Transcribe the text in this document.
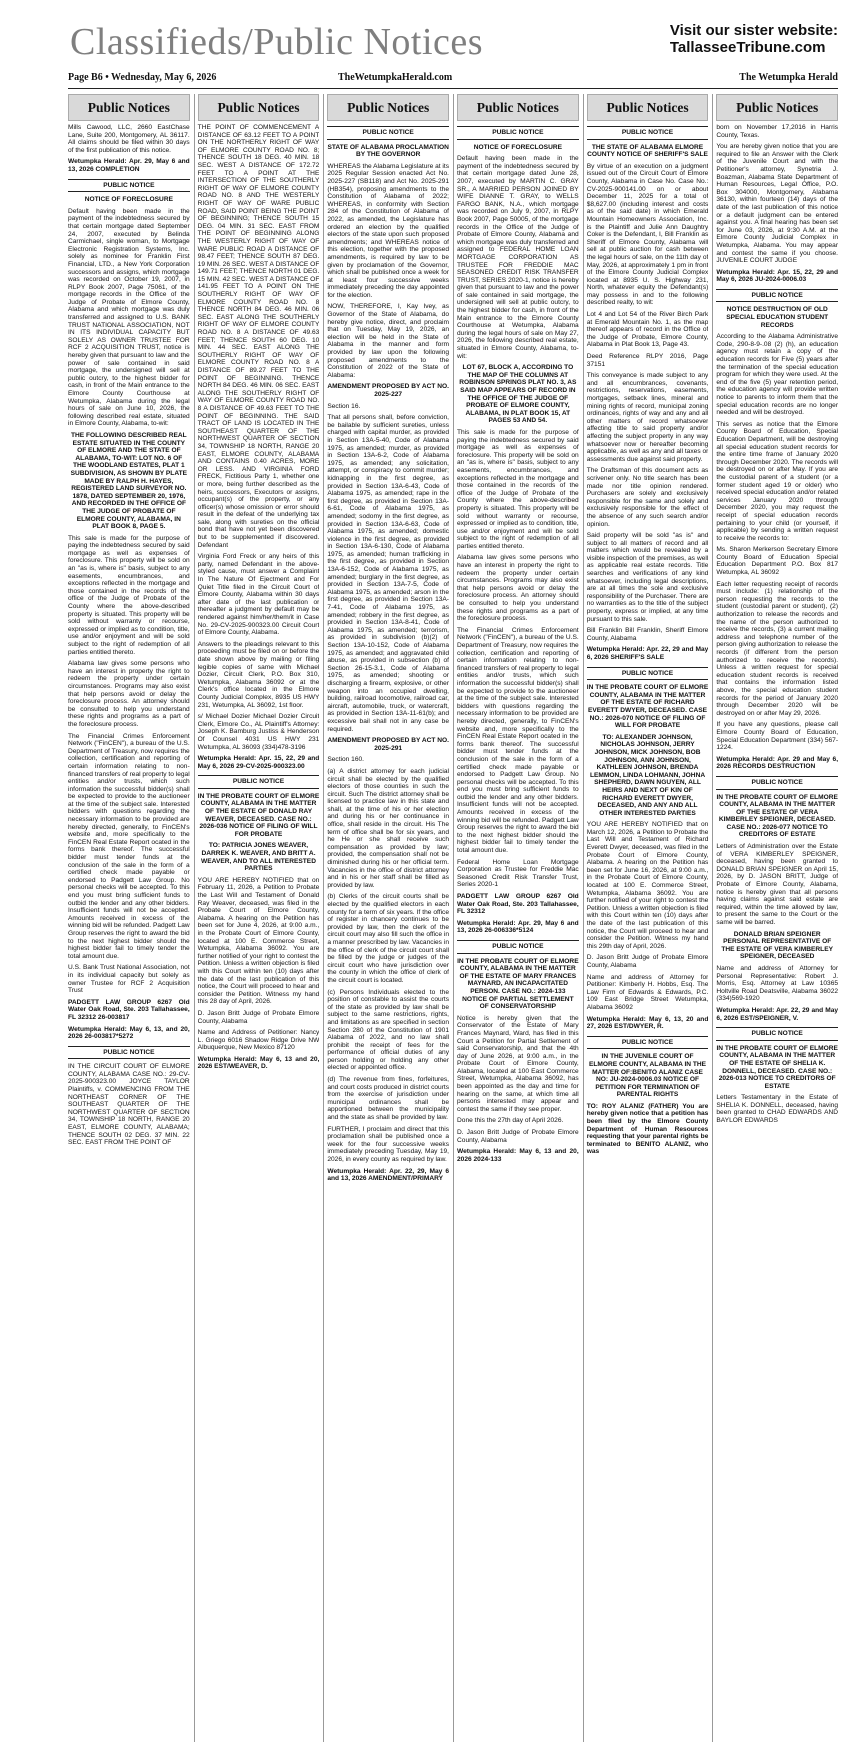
Classifieds/Public Notices	Visit our sister website:
TallasseeTribune.com
Page B6 • Wednesday, May 6, 2026	TheWetumpkaHerald.com	The Wetumpka Herald
Public Notices

Mills Cawood, LLC, 2660 EastChase Lane, Suite 200, Montgomery, AL 36117. All claims should be filed within 30 days of the first publication of this notice.

Wetumpka Herald: Apr. 29, May 6 and 13, 2026 COMPLETION

PUBLIC NOTICE

NOTICE OF FORECLOSURE

Default having been made in the payment of the indebtedness secured by that certain mortgage dated September 24, 2007, executed by Belinda Carmichael, single woman, to Mortgage Electronic Registration Systems, Inc. solely as nominee for Franklin First Financial, LTD., a New York Corporation successors and assigns, which mortgage was recorded on October 19, 2007, in RLPY Book 2007, Page 75061, of the mortgage records in the Office of the Judge of Probate of Elmore County, Alabama and which mortgage was duly transferred and assigned to U.S. BANK TRUST NATIONAL ASSOCIATION, NOT IN ITS INDIVIDUAL CAPACITY BUT SOLELY AS OWNER TRUSTEE FOR RCF 2 ACQUISITION TRUST, notice is hereby given that pursuant to law and the power of sale contained in said mortgage, the undersigned will sell at public outcry, to the highest bidder for cash, in front of the Main entrance to the Elmore County Courthouse at Wetumpka, Alabama during the legal hours of sale on June 10, 2026, the following described real estate, situated in Elmore County, Alabama, to-wit:

THE FOLLOWING DESCRIBED REAL ESTATE SITUATED IN THE COUNTY OF ELMORE AND THE STATE OF ALABAMA, TO-WIT: LOT NO. 6 OF THE WOODLAND ESTATES, PLAT 1 SUBDIVISION, AS SHOWN BY PLATE MADE BY RALPH H. HAYES, REGISTERED LAND SURVEYOR NO. 1878, DATED SEPTEMBER 20, 1976, AND RECORDED IN THE OFFICE OF THE JUDGE OF PROBATE OF ELMORE COUNTY, ALABAMA, IN PLAT BOOK 8, PAGE 5.

This sale is made for the purpose of paying the indebtedness secured by said mortgage as well as expenses of foreclosure. This property will be sold on an "as is, where is" basis, subject to any easements, encumbrances, and exceptions reflected in the mortgage and those contained in the records of the office of the Judge of Probate of the County where the above-described property is situated. This property will be sold without warranty or recourse, expressed or implied as to condition, title, use and/or enjoyment and will be sold subject to the right of redemption of all parties entitled thereto.

Alabama law gives some persons who have an interest in property the right to redeem the property under certain circumstances. Programs may also exist that help persons avoid or delay the foreclosure process. An attorney should be consulted to help you understand these rights and programs as a part of the foreclosure process.

The Financial Crimes Enforcement Network ("FinCEN"), a bureau of the U.S. Department of Treasury, now requires the collection, certification and reporting of certain information relating to non-financed transfers of real property to legal entities and/or trusts, which such information the successful bidder(s) shall be expected to provide to the auctioneer at the time of the subject sale. Interested bidders with questions regarding the necessary information to be provided are hereby directed, generally, to FinCEN's website and, more specifically to the FinCEN Real Estate Report ocated in the forms bank thereof. The successful bidder must tender funds at the conclusion of the sale in the form of a certified check made payable or endorsed to Padgett Law Group. No personal checks will be accepted. To this end you must bring sufficient funds to outbid the lender and any other bidders. Insufficient funds will not be accepted. Amounts received in excess of the winning bid will be refunded. Padgett Law Group reserves the right to award the bid to the next highest bidder should the highest bidder fail to timely tender the total amount due.

U.S. Bank Trust National Association, not in its individual capacity but solely as owner Trustee for RCF 2 Acquisition Trust

PADGETT LAW GROUP 6267 Old Water Oak Road, Ste. 203 Tallahassee, FL 32312 26-003817

Wetumpka Herald: May 6, 13, and 20, 2026 26-003817*5272

PUBLIC NOTICE

IN THE CIRCUIT COURT OF ELMORE COUNTY, ALABAMA CASE NO.: 29-CV-2025-900323.00 JOYCE TAYLOR Plaintiffs, v. COMMENCING FROM THE NORTHEAST CORNER OF THE SOUTHEAST QUARTER OF THE NORTHWEST QUARTER OF SECTION 34, TOWNSHIP 18 NORTH, RANGE 20 EAST, ELMORE COUNTY, ALABAMA; THENCE SOUTH 02 DEG. 37 MIN. 22 SEC. EAST FROM THE POINT OF

Public Notices

THE POINT OF COMMENCEMENT A DISTANCE OF 63.12 FEET TO A POINT ON THE NORTHERLY RIGHT OF WAY OF ELMORE COUNTY ROAD NO. 8; THENCE SOUTH 18 DEG. 40 MIN. 18 SEC. WEST A DISTANCE OF 172.72 FEET TO A POINT AT THE INTERSECTION OF THE SOUTHERLY RIGHT OF WAY OF ELMORE COUNTY ROAD NO. 8 AND THE WESTERLY RIGHT OF WAY OF WARE PUBLIC ROAD, SAID POINT BEING THE POINT OF BEGINNING; THENCE SOUTH 15 DEG. 04 MIN. 31 SEC. EAST FROM THE POINT OF BEGINNING ALONG THE WESTERLY RIGHT OF WAY OF WARE PUBLIC ROAD A DISTANCE OF 98.47 FEET; THENCE SOUTH 87 DEG. 19 MIN. 26 SEC. WEST A DISTANCE OF 149.71 FEET; THENCE NORTH 01 DEG. 15 MIN. 42 SEC. WEST A DISTANCE OF 141.95 FEET TO A POINT ON THE SOUTHERLY RIGHT OF WAY OF ELMORE COUNTY ROAD NO. 8 THENCE NORTH 84 DEG. 46 MIN. 06 SEC. EAST ALONG THE SOUTHERLY RIGHT OF WAY OF ELMORE COUNTY ROAD NO. 8 A DISTANCE OF 49.63 FEET; THENCE SOUTH 60 DEG. 10 MIN. 44 SEC. EAST ALONG THE SOUTHERLY RIGHT OF WAY OF ELMORE COUNTY ROAD NO. 8 A DISTANCE OF 89.27 FEET TO THE POINT OF BEGINNING. THENCE NORTH 84 DEG. 46 MIN. 06 SEC. EAST ALONG THE SOUTHERLY RIGHT OF WAY OF ELMORE COUNTY ROAD NO. 8 A DISTANCE OF 49.63 FEET TO THE POINT OF BEGINNING. THE SAID TRACT OF LAND IS LOCATED IN THE SOUTHEAST QUARTER OF THE NORTHWEST QUARTER OF SECTION 34, TOWNSHIP 18 NORTH, RANGE 20 EAST, ELMORE COUNTY, ALABAMA AND CONTAINS 0.40 ACRES, MORE OR LESS. AND VIRGINIA FORD FRECK, Fictitious Party 1, whether one or more, being further described as the heirs, successors, Executors or assigns, occupant(s) of the property, or any officer(s) whose omission or error should result in the defeat of the underlying tax sale, along with sureties on the official bond that have not yet been discovered but to be supplemented if discovered. Defendant

Virginia Ford Freck or any heirs of this party, named Defendant in the above-styled cause, must answer a Complaint In The Nature Of Ejectment and For Quiet Title filed in the Circuit Court of Elmore County, Alabama within 30 days after date of the last publication or thereafter a judgment by default may be rendered against him/her/them/it in Case No. 29-CV-2025-900323.00 Circuit Court of Elmore County, Alabama.

Answers to the pleadings relevant to this proceeding must be filed on or before the date shown above by mailing or filing legible copies of same with Michael Dozier, Circuit Clerk, P.O. Box 310, Wetumpka, Alabama 36092 or at the Clerk's office located in the Elmore County Judicial Complex, 8935 US HWY 231, Wetumpka, AL 36092, 1st floor.

s/ Michael Dozier Michael Dozier Circuit Clerk, Elmore Co., AL Plaintiff's Attorney: Joseph K. Bamburg Justiss & Henderson Of Counsel 4031 US HWY 231 Wetumpka, AL 36093 (334)478-3196

Wetumpka Herald: Apr. 15, 22, 29 and May 6, 2026 29-CV-2025-900323.00

PUBLIC NOTICE

IN THE PROBATE COURT OF ELMORE COUNTY, ALABAMA IN THE MATTER OF THE ESTATE OF DONALD RAY WEAVER, DECEASED. CASE NO.: 2026-036 NOTICE OF FILING OF WILL FOR PROBATE

TO: PATRICIA JONES WEAVER, DARREK K. WEAVER, AND BRITT A. WEAVER, AND TO ALL INTERESTED PARTIES

YOU ARE HEREBY NOTIFIED that on February 11, 2026, a Petition to Probate the Last Will and Testament of Donald Ray Weaver, deceased, was filed in the Probate Court of Elmore County, Alabama. A hearing on the Petition has been set for June 4, 2026, at 9:00 a.m., in the Probate Court of Elmore County, located at 100 E. Commerce Street, Wetumpka, Alabama 36092. You are further notified of your right to contest the Petition. Unless a written objection is filed with this Court within ten (10) days after the date of the last publication of this notice, the Court will proceed to hear and consider the Petition. Witness my hand this 28 day of April, 2026.

D. Jason Britt Judge of Probate Elmore County, Alabama

Name and Address of Petitioner: Nancy L. Griego 6016 Shadow Ridge Drive NW Albuquerque, New Mexico 87120

Wetumpka Herald: May 6, 13 and 20, 2026 EST/WEAVER, D.

Public Notices

PUBLIC NOTICE

STATE OF ALABAMA PROCLAMATION BY THE GOVERNOR

WHEREAS the Alabama Legislature at its 2025 Regular Session enacted Act No. 2025-227 (SB118) and Act No. 2025-291 (HB354), proposing amendments to the Constitution of Alabama of 2022; WHEREAS, in conformity with Section 284 of the Constitution of Alabama of 2022, as amended, the Legislature has ordered an election by the qualified electors of the state upon such proposed amendments; and WHEREAS notice of this election, together with the proposed amendments, is required by law to be given by proclamation of the Governor, which shall be published once a week for at least four successive weeks immediately preceding the day appointed for the election.

NOW, THEREFORE, I, Kay Ivey, as Governor of the State of Alabama, do hereby give notice, direct, and proclaim that on Tuesday, May 19, 2026, an election will be held in the State of Alabama in the manner and form provided by law upon the following proposed amendments to the Constitution of 2022 of the State of Alabama:

AMENDMENT PROPOSED BY ACT NO. 2025-227

Section 16.

That all persons shall, before conviction, be bailable by sufficient sureties, unless charged with capital murder, as provided in Section 13A-5-40, Code of Alabama 1975, as amended; murder, as provided in Section 13A-6-2, Code of Alabama 1975, as amended; any solicitation, attempt, or conspiracy to commit murder; kidnapping in the first degree, as provided in Section 13A-6-43, Code of Alabama 1975, as amended; rape in the first degree, as provided in Section 13A-6-61, Code of Alabama 1975, as amended; sodomy in the first degree, as provided in Section 13A-6-63, Code of Alabama 1975, as amended; domestic violence in the first degree, as provided in Section 13A-6-130, Code of Alabama 1975, as amended; human trafficking in the first degree, as provided in Section 13A-6-152, Code of Alabama 1975, as amended; burglary in the first degree, as provided in Section 13A-7-5, Code of Alabama 1975, as amended; arson in the first degree, as provided in Section 13A-7-41, Code of Alabama 1975, as amended; robbery in the first degree, as provided in Section 13A-8-41, Code of Alabama 1975, as amended; terrorism, as provided in subdivision (b)(2) of Section 13A-10-152, Code of Alabama 1975, as amended; and aggravated child abuse, as provided in subsection (b) of Section 26-15-3.1, Code of Alabama 1975, as amended; shooting or discharging a firearm, explosive, or other weapon into an occupied dwelling, building, railroad locomotive, railroad car, aircraft, automobile, truck, or watercraft, as provided in Section 13A-11-61(b); and excessive bail shall not in any case be required.

AMENDMENT PROPOSED BY ACT NO. 2025-291

Section 160.

(a) A district attorney for each judicial circuit shall be elected by the qualified electors of those counties in such the circuit. Such The district attorney shall be licensed to practice law in this state and shall, at the time of his or her election and during his or her continuance in office, shall reside in the circuit. His The term of office shall be for six years, and he He or she shall receive such compensation as provided by law; provided, the compensation shall not be diminished during his or her official term. Vacancies in the office of district attorney and in his or her staff shall be filled as provided by law.

(b) Clerks of the circuit courts shall be elected by the qualified electors in each county for a term of six years. If the office of register in chancery continues to be provided by law, then the clerk of the circuit court may also fill such the office in a manner prescribed by law. Vacancies in the office of clerk of the circuit court shall be filled by the judge or judges of the circuit court who have jurisdiction over the county in which the office of clerk of the circuit court is located.

(c) Persons Individuals elected to the position of constable to assist the courts of the state as provided by law shall be subject to the same restrictions, rights, and limitations as are specified in section Section 280 of the Constitution of 1901 Alabama of 2022, and no law shall prohibit the receipt of fees for the performance of official duties of any person holding or holding any other elected or appointed office.

(d) The revenue from fines, forfeitures, and court costs produced in district courts from the exercise of jurisdiction under municipal ordinances shall be apportioned between the municipality and the state as shall be provided by law.

FURTHER, I proclaim and direct that this proclamation shall be published once a week for the four successive weeks immediately preceding Tuesday, May 19, 2026, in every county as required by law.

Wetumpka Herald: Apr. 22, 29, May 6 and 13, 2026 AMENDMENT/PRIMARY

Public Notices

PUBLIC NOTICE

NOTICE OF FORECLOSURE

Default having been made in the payment of the indebtedness secured by that certain mortgage dated June 28, 2007, executed by MARTIN C. GRAY SR., A MARRIED PERSON JOINED BY WIFE DIANNE T. GRAY, to WELLS FARGO BANK, N.A., which mortgage was recorded on July 9, 2007, in RLPY Book 2007, Page 50005, of the mortgage records in the Office of the Judge of Probate of Elmore County, Alabama and which mortgage was duly transferred and assigned to FEDERAL HOME LOAN MORTGAGE CORPORATION AS TRUSTEE FOR FREDDIE MAC SEASONED CREDIT RISK TRANSFER TRUST, SERIES 2020-1, notice is hereby given that pursuant to law and the power of sale contained in said mortgage, the undersigned will sell at public outcry, to the highest bidder for cash, in front of the Main entrance to the Elmore County Courthouse at Wetumpka, Alabama during the legal hours of sale on May 27, 2026, the following described real estate, situated in Elmore County, Alabama, to-wit:

LOT 67, BLOCK A, ACCORDING TO THE MAP OF THE COLUMNS AT ROBINSON SPRINGS PLAT NO. 3, AS SAID MAP APPEARS OF RECORD IN THE OFFICE OF THE JUDGE OF PROBATE OF ELMORE COUNTY, ALABAMA, IN PLAT BOOK 15, AT PAGES 53 AND 54.

This sale is made for the purpose of paying the indebtedness secured by said mortgage as well as expenses of foreclosure. This property will be sold on an "as is, where is" basis, subject to any easements, encumbrances, and exceptions reflected in the mortgage and those contained in the records of the office of the Judge of Probate of the County where the above-described property is situated. This property will be sold without warranty or recourse, expressed or implied as to condition, title, use and/or enjoyment and will be sold subject to the right of redemption of all parties entitled thereto.

Alabama law gives some persons who have an interest in property the right to redeem the property under certain circumstances. Programs may also exist that help persons avoid or delay the foreclosure process. An attorney should be consulted to help you understand these rights and programs as a part of the foreclosure process.

The Financial Crimes Enforcement Network ("FinCEN"), a bureau of the U.S. Department of Treasury, now requires the collection, certification and reporting of certain information relating to non-financed transfers of real property to legal entities and/or trusts, which such information the successful bidder(s) shall be expected to provide to the auctioneer at the time of the subject sale. Interested bidders with questions regarding the necessary information to be provided are hereby directed, generally, to FinCEN's website and, more specifically to the FinCEN Real Estate Report ocated in the forms bank thereof. The successful bidder must tender funds at the conclusion of the sale in the form of a certified check made payable or endorsed to Padgett Law Group. No personal checks will be accepted. To this end you must bring sufficient funds to outbid the lender and any other bidders. Insufficient funds will not be accepted. Amounts received in excess of the winning bid will be refunded. Padgett Law Group reserves the right to award the bid to the next highest bidder should the highest bidder fail to timely tender the total amount due.

Federal Home Loan Mortgage Corporation as Trustee for Freddie Mac Seasoned Credit Risk Transfer Trust, Series 2020-1

PADGETT LAW GROUP 6267 Old Water Oak Road, Ste. 203 Tallahassee, FL 32312

Wetumpka Herald: Apr. 29, May 6 and 13, 2026 26-006336*5124

PUBLIC NOTICE

IN THE PROBATE COURT OF ELMORE COUNTY, ALABAMA IN THE MATTER OF THE ESTATE OF MARY FRANCES MAYNARD, AN INCAPACITATED PERSON. CASE NO.: 2024-133 NOTICE OF PARTIAL SETTLEMENT OF CONSERVATORSHIP

Notice is hereby given that the Conservator of the Estate of Mary Frances Maynard, Ward, has filed in this Court a Petition for Partial Settlement of said Conservatorship, and that the 4th day of June 2026, at 9:00 a.m., in the Probate Court of Elmore County, Alabama, located at 100 East Commerce Street, Wetumpka, Alabama 36092, has been appointed as the day and time for hearing on the same, at which time all persons interested may appear and contest the same if they see proper.

Done this the 27th day of April 2026.

D. Jason Britt Judge of Probate Elmore County, Alabama

Wetumpka Herald: May 6, 13 and 20, 2026 2024-133

Public Notices

PUBLIC NOTICE

THE STATE OF ALABAMA ELMORE COUNTY NOTICE OF SHERIFF'S SALE

By virtue of an execution on a judgment issued out of the Circuit Court of Elmore County, Alabama in Case No. Case No.: CV-2025-900141.00 on or about December 11, 2025 for a total of $8,627.00 (including interest and costs as of the said date) in which Emerald Mountain Homeowners Association, Inc. is the Plaintiff and Julie Ann Daughtry Coker is the Defendant, I, Bill Franklin as Sheriff of Elmore County, Alabama will sell at public auction for cash between the legal hours of sale, on the 11th day of May, 2026, at approximately 1 pm in front of the Elmore County Judicial Complex located at 8935 U. S. Highway 231, North, whatever equity the Defendant(s) may possess in and to the following described realty, to wit:

Lot 4 and Lot 54 of the River Birch Park at Emerald Mountain No. 1, as the map thereof appears of record in the Office of the Judge of Probate, Elmore County, Alabama in Plat Book 13, Page 43.

Deed Reference RLPY 2016, Page 37151

This conveyance is made subject to any and all encumbrances, covenants, restrictions, reservations, easements, mortgages, setback lines, mineral and mining rights of record, municipal zoning ordinances, rights of way and any and all other matters of record whatsoever affecting title to said property and/or affecting the subject property in any way whatsoever now or hereafter becoming applicable, as well as any and all taxes or assessments due against said property.

The Draftsman of this document acts as scrivener only. No title search has been made nor title opinion rendered. Purchasers are solely and exclusively responsible for the same and solely and exclusively responsible for the effect of the absence of any such search and/or opinion.

Said property will be sold "as is" and subject to all matters of record and all matters which would be revealed by a visible inspection of the premises, as well as applicable real estate records. Title searches and verifications of any kind whatsoever, including legal descriptions, are at all times the sole and exclusive responsibility of the Purchaser. There are no warranties as to the title of the subject property, express or implied, at any time pursuant to this sale.

Bill Franklin Bill Franklin, Sheriff Elmore County, Alabama

Wetumpka Herald: Apr. 22, 29 and May 6, 2026 SHERIFF'S SALE

PUBLIC NOTICE

IN THE PROBATE COURT OF ELMORE COUNTY, ALABAMA IN THE MATTER OF THE ESTATE OF RICHARD EVERETT DWYER, DECEASED. CASE NO.: 2026-070 NOTICE OF FILING OF WILL FOR PROBATE

TO: ALEXANDER JOHNSON, NICHOLAS JOHNSON, JERRY JOHNSON, MICK JOHNSON, BOB JOHNSON, ANN JOHNSON, KATHLEEN JOHNSON, BRENDA LEMMON, LINDA LOHMANN, JOHNA SHEPHERD, DAWN NGUYEN, ALL HEIRS AND NEXT OF KIN OF RICHARD EVERETT DWYER, DECEASED, AND ANY AND ALL OTHER INTERESTED PARTIES

YOU ARE HEREBY NOTIFIED that on March 12, 2026, a Petition to Probate the Last Will and Testament of Richard Everett Dwyer, deceased, was filed in the Probate Court of Elmore County, Alabama. A hearing on the Petition has been set for June 16, 2026, at 9:00 a.m., in the Probate Court of Elmore County, located at 100 E. Commerce Street, Wetumpka, Alabama 36092. You are further notified of your right to contest the Petition. Unless a written objection is filed with this Court within ten (10) days after the date of the last publication of this notice, the Court will proceed to hear and consider the Petition. Witness my hand this 29th day of April, 2026.

D. Jason Britt Judge of Probate Elmore County, Alabama

Name and address of Attorney for Petitioner: Kimberly H. Hobbs, Esq. The Law Firm of Edwards & Edwards, P.C. 109 East Bridge Street Wetumpka, Alabama 36092

Wetumpka Herald: May 6, 13, 20 and 27, 2026 EST/DWYER, R.

PUBLIC NOTICE

IN THE JUVENILE COURT OF ELMORE COUNTY, ALABAMA IN THE MATTER OF:BENITO ALANIZ CASE NO: JU-2024-0006.03 NOTICE OF PETITION FOR TERMINATION OF PARENTAL RIGHTS

TO: ROY ALANIZ (FATHER) You are hereby given notice that a petition has been filed by the Elmore County Department of Human Resources requesting that your parental rights be terminated to BENITO ALANIZ, who was

Public Notices

born on November 17,2016 in Harris County, Texas.

You are hereby given notice that you are required to file an Answer with the Clerk of the Juvenile Court and with the Petitioner's attorney, Synetria J. Boazman, Alabama State Department of Human Resources, Legal Office, P.O. Box 304000, Montgomery, Alabama 36130, within fourteen (14) days of the date of the last publication of this notice or a default judgment can be entered against you. A final hearing has been set for June 03, 2026, at 9:30 A.M. at the Elmore County Judicial Complex in Wetumpka, Alabama. You may appear and contest the same if you choose. JUVENILE COURT JUDGE

Wetumpka Herald: Apr. 15, 22, 29 and May 6, 2026 JU-2024-0006.03

PUBLIC NOTICE

NOTICE DESTRUCTION OF OLD SPECIAL EDUCATION STUDENT RECORDS

According to the Alabama Administrative Code, 290-8-9-.08 (2) (h), an education agency must retain a copy of the education records for Five (5) years after the termination of the special education program for which they were used. At the end of the five (5) year retention period, the education agency will provide written notice to parents to inform them that the special education records are no longer needed and will be destroyed.

This serves as notice that the Elmore County Board of Education, Special Education Department, will be destroying all special education student records for the entire time frame of January 2020 through December 2020. The records will be destroyed on or after May. If you are the custodial parent of a student (or a former student aged 19 or older) who received special education and/or related services January 2020 through December 2020, you may request the receipt of special education records pertaining to your child (or yourself, if applicable) by sending a written request to receive the records to:

Ms. Sharon Merkerson Secretary Elmore County Board of Education Special Education Department P.O. Box 817 Wetumpka, AL 36092

Each letter requesting receipt of records must include: (1) relationship of the person requesting the records to the student (custodial parent or student), (2) authorization to release the records and the name of the person authorized to receive the records, (3) a current mailing address and telephone number of the person giving authorization to release the records (if different from the person authorized to receive the records). Unless a written request for special education student records is received that contains the information listed above, the special education student records for the period of January 2020 through December 2020 will be destroyed on or after May 29, 2026.

If you have any questions, please call Elmore County Board of Education, Special Education Department (334) 567-1224.

Wetumpka Herald: Apr. 29 and May 6, 2026 RECORDS DESTRUCTION

PUBLIC NOTICE

IN THE PROBATE COURT OF ELMORE COUNTY, ALABAMA IN THE MATTER OF THE ESTATE OF VERA KIMBERLEY SPEIGNER, DECEASED. CASE NO.: 2026-077 NOTICE TO CREDITORS OF ESTATE

Letters of Administration over the Estate of VERA KIMBERLEY SPEIGNER, deceased, having been granted to DONALD BRIAN SPEIGNER on April 15, 2026, by D. JASON BRITT, Judge of Probate of Elmore County, Alabama, notice is hereby given that all persons having claims against said estate are required, within the time allowed by law, to present the same to the Court or the same will be barred.

DONALD BRIAN SPEIGNER PERSONAL REPRESENTATIVE OF THE ESTATE OF VERA KIMBERLEY SPEIGNER, DECEASED

Name and address of Attorney for Personal Representative: Robert J. Morris, Esq. Attorney at Law 10365 Holtville Road Deatsville, Alabama 36022 (334)569-1920

Wetumpka Herald: Apr. 22, 29 and May 6, 2026 EST/SPEIGNER, V.

PUBLIC NOTICE

IN THE PROBATE COURT OF ELMORE COUNTY, ALABAMA IN THE MATTER OF THE ESTATE OF SHELIA K. DONNELL, DECEASED. CASE NO.: 2026-013 NOTICE TO CREDITORS OF ESTATE

Letters Testamentary in the Estate of SHELIA K. DONNELL, deceased, having been granted to CHAD EDWARDS AND BAYLOR EDWARDS
